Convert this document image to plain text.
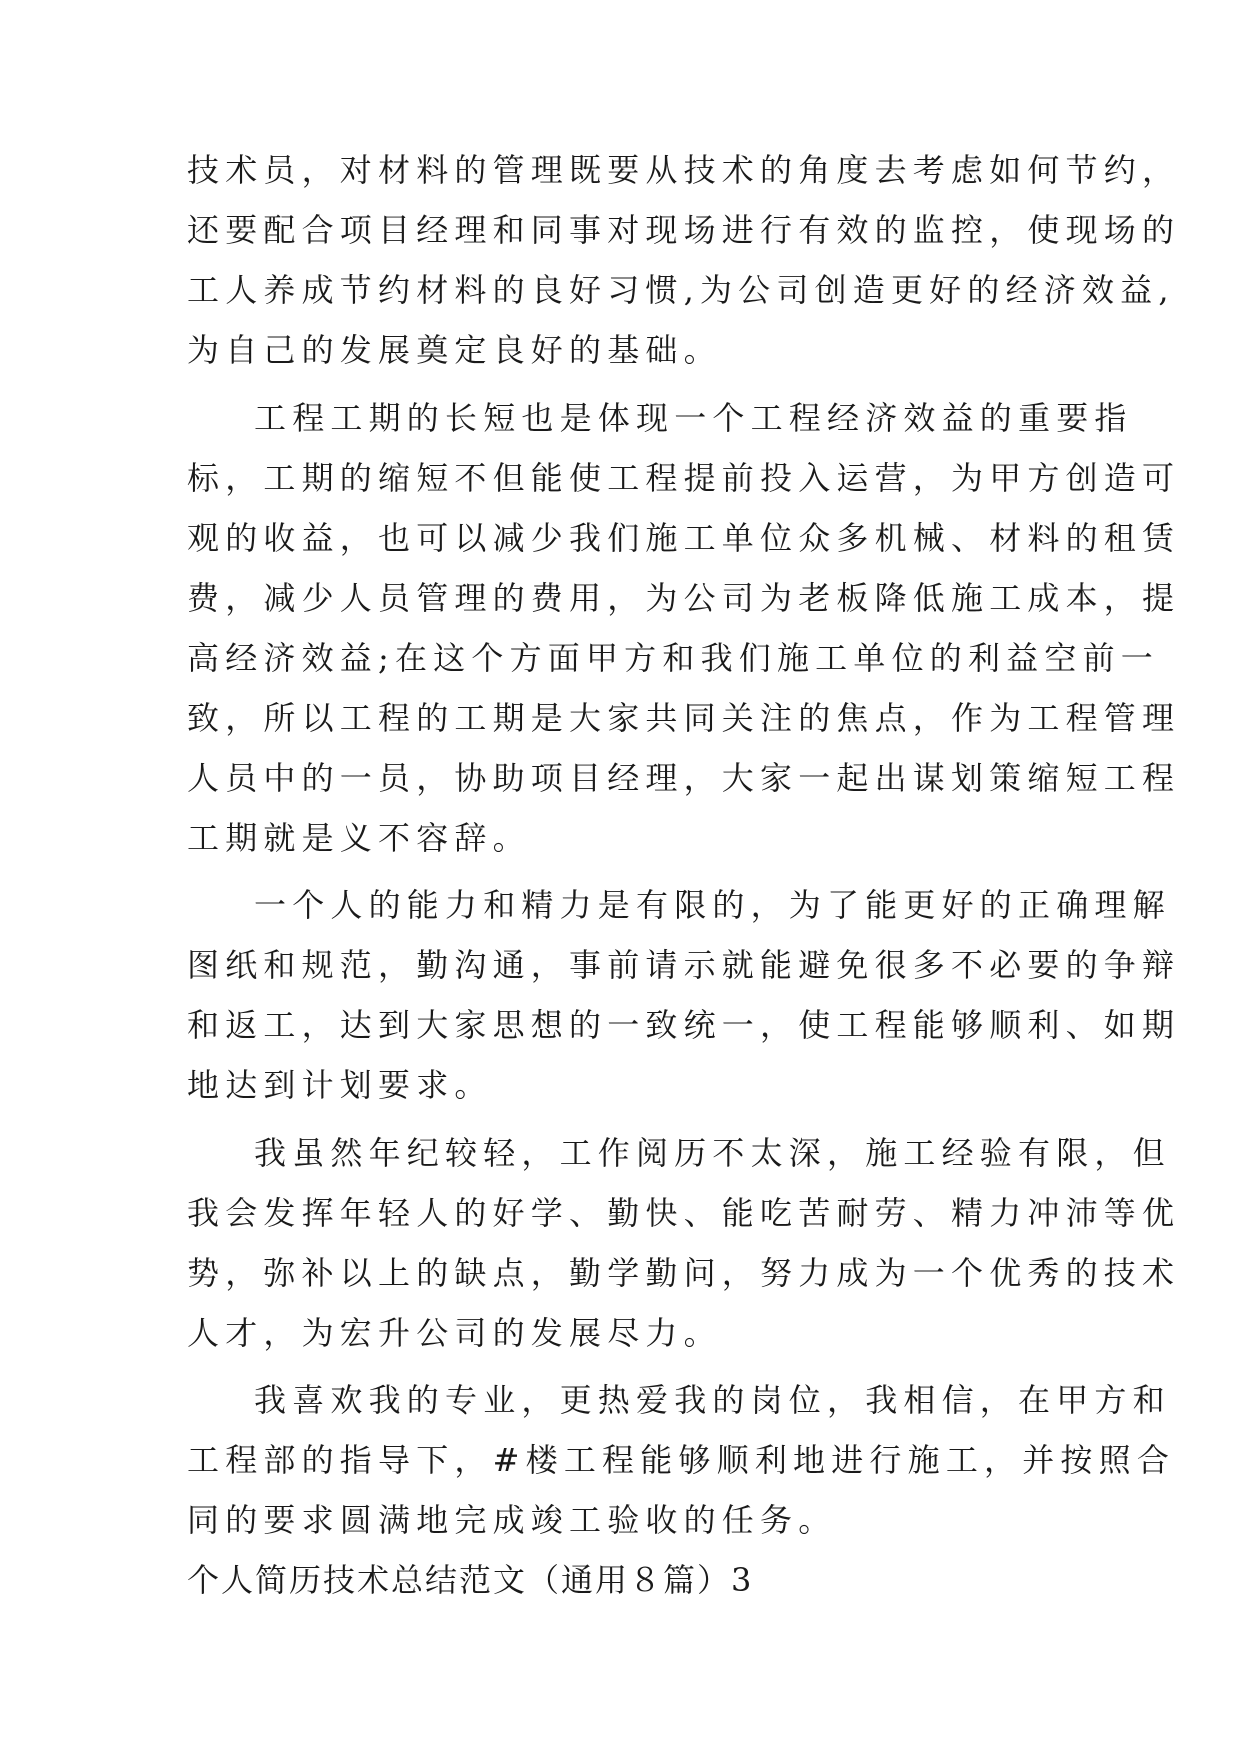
技术员，对材料的管理既要从技术的角度去考虑如何节约，
还要配合项目经理和同事对现场进行有效的监控，使现场的
工人养成节约材料的良好习惯,为公司创造更好的经济效益,
为自己的发展奠定良好的基础。
工程工期的长短也是体现一个工程经济效益的重要指
标，工期的缩短不但能使工程提前投入运营，为甲方创造可
观的收益，也可以减少我们施工单位众多机械、材料的租赁
费，减少人员管理的费用，为公司为老板降低施工成本，提
高经济效益;在这个方面甲方和我们施工单位的利益空前一
致，所以工程的工期是大家共同关注的焦点，作为工程管理
人员中的一员，协助项目经理，大家一起出谋划策缩短工程
工期就是义不容辞。
一个人的能力和精力是有限的，为了能更好的正确理解
图纸和规范，勤沟通，事前请示就能避免很多不必要的争辩
和返工，达到大家思想的一致统一，使工程能够顺利、如期
地达到计划要求。
我虽然年纪较轻，工作阅历不太深，施工经验有限，但
我会发挥年轻人的好学、勤快、能吃苦耐劳、精力冲沛等优
势，弥补以上的缺点，勤学勤问，努力成为一个优秀的技术
人才，为宏升公司的发展尽力。
我喜欢我的专业，更热爱我的岗位，我相信，在甲方和
工程部的指导下，#楼工程能够顺利地进行施工，并按照合
同的要求圆满地完成竣工验收的任务。
个人简历技术总结范文（通用８篇）3
